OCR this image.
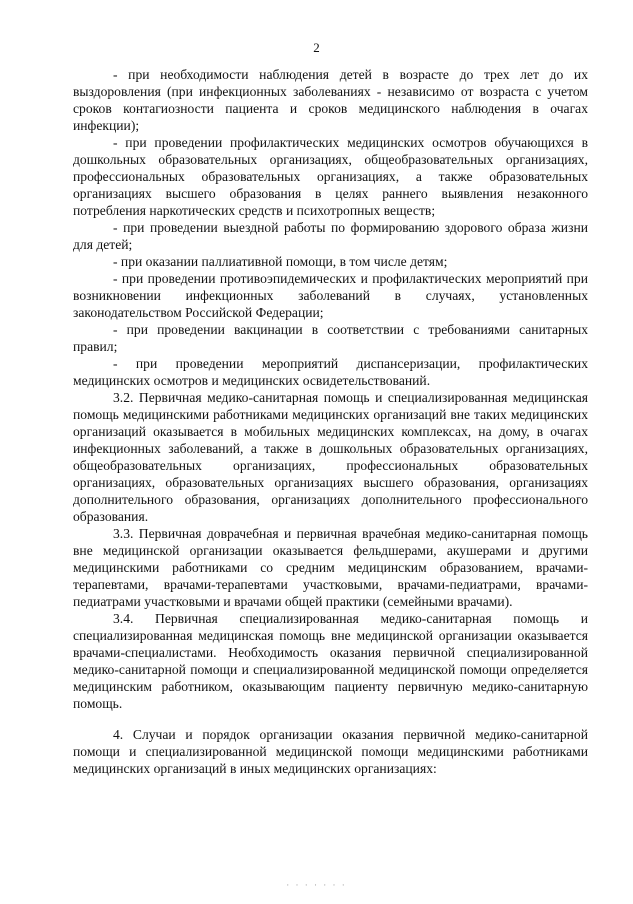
2

- при необходимости наблюдения детей в возрасте до трех лет до их выздоровления (при инфекционных заболеваниях - независимо от возраста с учетом сроков контагиозности пациента и сроков медицинского наблюдения в очагах инфекции);

- при проведении профилактических медицинских осмотров обучающихся в дошкольных образовательных организациях, общеобразовательных организациях, профессиональных образовательных организациях, а также образовательных организациях высшего образования в целях раннего выявления незаконного потребления наркотических средств и психотропных веществ;

- при проведении выездной работы по формированию здорового образа жизни для детей;

- при оказании паллиативной помощи, в том числе детям;

- при проведении противоэпидемических и профилактических мероприятий при возникновении инфекционных заболеваний в случаях, установленных законодательством Российской Федерации;

- при проведении вакцинации в соответствии с требованиями санитарных правил;

- при проведении мероприятий диспансеризации, профилактических медицинских осмотров и медицинских освидетельствований.

3.2. Первичная медико-санитарная помощь и специализированная медицинская помощь медицинскими работниками медицинских организаций вне таких медицинских организаций оказывается в мобильных медицинских комплексах, на дому, в очагах инфекционных заболеваний, а также в дошкольных образовательных организациях, общеобразовательных организациях, профессиональных образовательных организациях, образовательных организациях высшего образования, организациях дополнительного образования, организациях дополнительного профессионального образования.

3.3. Первичная доврачебная и первичная врачебная медико-санитарная помощь вне медицинской организации оказывается фельдшерами, акушерами и другими медицинскими работниками со средним медицинским образованием, врачами-терапевтами, врачами-терапевтами участковыми, врачами-педиатрами, врачами-педиатрами участковыми и врачами общей практики (семейными врачами).

3.4. Первичная специализированная медико-санитарная помощь и специализированная медицинская помощь вне медицинской организации оказывается врачами-специалистами. Необходимость оказания первичной специализированной медико-санитарной помощи и специализированной медицинской помощи определяется медицинским работником, оказывающим пациенту первичную медико-санитарную помощь.

4. Случаи и порядок организации оказания первичной медико-санитарной помощи и специализированной медицинской помощи медицинскими работниками медицинских организаций в иных медицинских организациях:

· · · · · · ·
